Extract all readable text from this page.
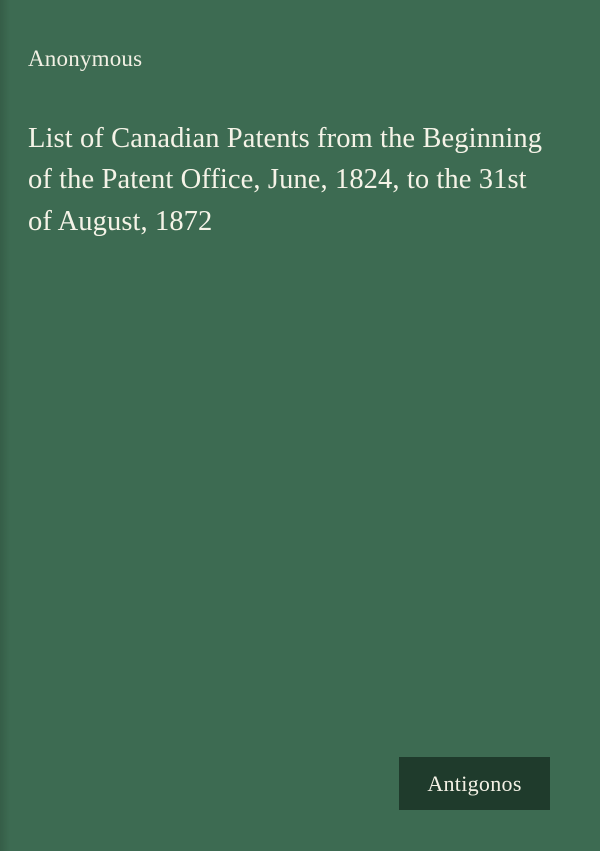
Anonymous
List of Canadian Patents from the Beginning of the Patent Office, June, 1824, to the 31st of August, 1872
Antigonos
